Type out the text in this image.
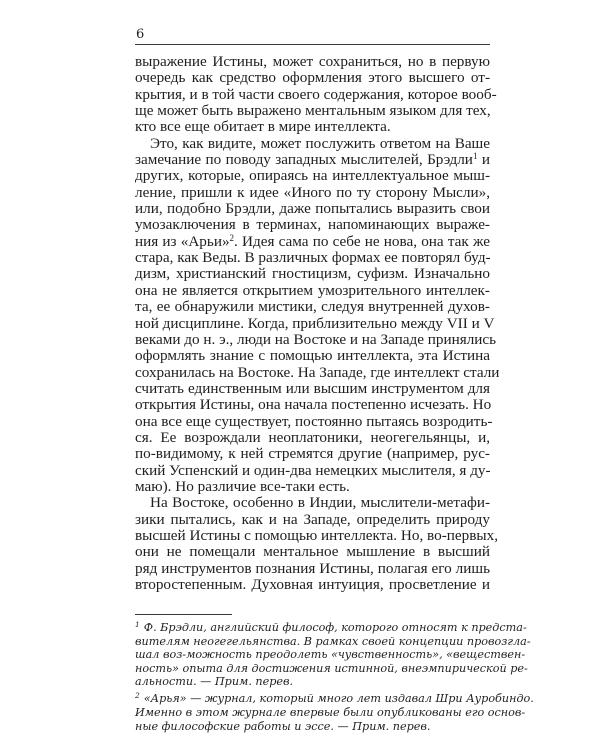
6
выражение Истины, может сохраниться, но в первую
очередь как средство оформления этого высшего от-
крытия, и в той части своего содержания, которое вооб-
ще может быть выражено ментальным языком для тех,
кто все еще обитает в мире интеллекта.
Это, как видите, может послужить ответом на Ваше
замечание по поводу западных мыслителей, Брэдли$^1$ и
других, которые, опираясь на интеллектуальное мыш-
ление, пришли к идее «Иного по ту сторону Мысли»,
или, подобно Брэдли, даже попытались выразить свои
умозаключения в терминах, напоминающих выраже-
ния из «Арьи»$^2$. Идея сама по себе не нова, она так же
стара, как Веды. В различных формах ее повторял буд-
дизм, христианский гностицизм, суфизм. Изначально
она не является открытием умозрительного интеллек-
та, ее обнаружили мистики, следуя внутренней духов-
ной дисциплине. Когда, приблизительно между VII и V
веками до н. э., люди на Востоке и на Западе принялись
оформлять знание с помощью интеллекта, эта Истина
сохранилась на Востоке. На Западе, где интеллект стали
считать единственным или высшим инструментом для
открытия Истины, она начала постепенно исчезать. Но
она все еще существует, постоянно пытаясь возродить-
ся. Ее возрождали неоплатоники, неогегельянцы, и,
по-видимому, к ней стремятся другие (например, рус-
ский Успенский и один-два немецких мыслителя, я ду-
маю). Но различие все-таки есть.
На Востоке, особенно в Индии, мыслители-метафи-
зики пытались, как и на Западе, определить природу
высшей Истины с помощью интеллекта. Но, во-первых,
они не помещали ментальное мышление в высший
ряд инструментов познания Истины, полагая его лишь
второстепенным. Духовная интуиция, просветление и
$^1$ Ф. Брэдли, английский философ, которого относят к предста-
вителям неогегельянства. В рамках своей концепции провозгла-
шал воз-можность преодолеть «чувственность», «веществен-
ность» опыта для достижения истинной, внеэмпирической ре-
альности. — Прим. перев.
$^2$ «Арья» — журнал, который много лет издавал Шри Ауробиндо.
Именно в этом журнале впервые были опубликованы его основ-
ные философские работы и эссе. — Прим. перев.
